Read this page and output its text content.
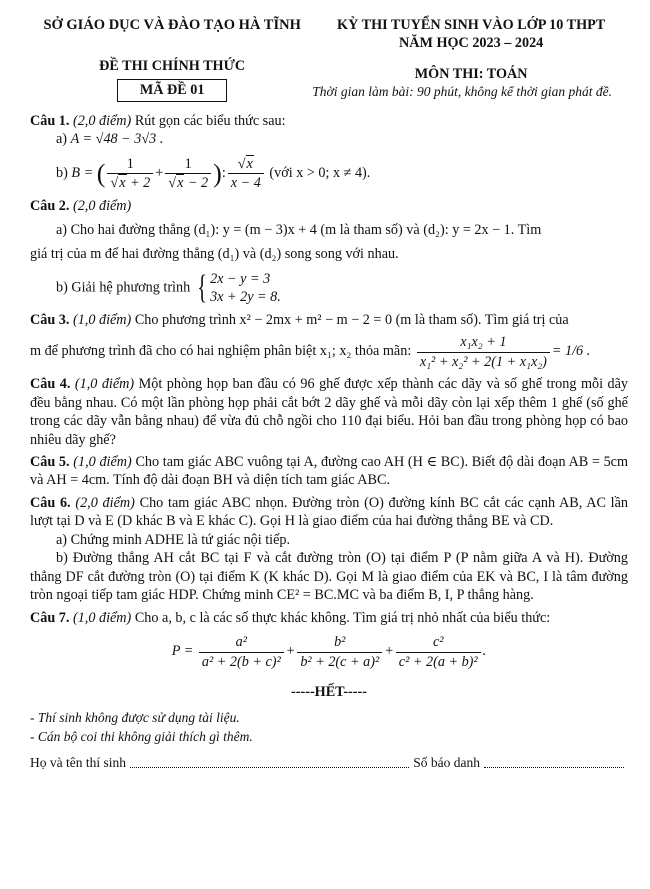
SỞ GIÁO DỤC VÀ ĐÀO TẠO HÀ TĨNH
ĐỀ THI CHÍNH THỨC
MÃ ĐỀ 01
KỲ THI TUYỂN SINH VÀO LỚP 10 THPT
NĂM HỌC 2023 – 2024
MÔN THI: TOÁN
Thời gian làm bài: 90 phút, không kể thời gian phát đề.

Câu 1. (2,0 điểm) Rút gọn các biểu thức sau:

a) A = √48 − 3√3 .

b) B = ( $\frac{1}{√x + 2} + \frac{1}{√x - 2}$ ): $\frac{√x}{x - 4}$ (với x > 0; x ≠ 4).

Câu 2. (2,0 điểm)

a) Cho hai đường thẳng (d₁): y = (m − 3)x + 4 (m là tham số) và (d₂): y = 2x − 1. Tìm

giá trị của m để hai đường thẳng (d₁) và (d₂) song song với nhau.

b) Giải hệ phương trình { 2x − y = 3
3x + 2y = 8.

Câu 3. (1,0 điểm) Cho phương trình x² − 2mx + m² − m − 2 = 0 (m là tham số). Tìm giá trị của

m để phương trình đã cho có hai nghiệm phân biệt x₁; x₂ thỏa mãn: $\frac{\text{x₁x₂ + 1}}{\text{x₁² + x₂² + 2(1 + x₁x₂)}} = 1/6$ .

Câu 4. (1,0 điểm) Một phòng họp ban đầu có 96 ghế được xếp thành các dãy và số ghế trong mỗi dãy đều bằng nhau. Có một lần phòng họp phải cắt bớt 2 dãy ghế và mỗi dãy còn lại xếp thêm 1 ghế (số ghế trong các dãy vẫn bằng nhau) để vừa đủ chỗ ngồi cho 110 đại biểu. Hỏi ban đầu trong phòng họp có bao nhiêu dãy ghế?

Câu 5. (1,0 điểm) Cho tam giác ABC vuông tại A, đường cao AH (H ∈ BC). Biết độ dài đoạn AB = 5cm và AH = 4cm. Tính độ dài đoạn BH và diện tích tam giác ABC.

Câu 6. (2,0 điểm) Cho tam giác ABC nhọn. Đường tròn (O) đường kính BC cắt các cạnh AB, AC lần lượt tại D và E (D khác B và E khác C). Gọi H là giao điểm của hai đường thẳng BE và CD.

a) Chứng minh ADHE là tứ giác nội tiếp.

b) Đường thẳng AH cắt BC tại F và cắt đường tròn (O) tại điểm P (P nằm giữa A và H). Đường thẳng DF cắt đường tròn (O) tại điểm K (K khác D). Gọi M là giao điểm của EK và BC, I là tâm đường tròn ngoại tiếp tam giác HDP. Chứng minh CE² = BC.MC và ba điểm B, I, P thẳng hàng.

Câu 7. (1,0 điểm) Cho a, b, c là các số thực khác không. Tìm giá trị nhỏ nhất của biểu thức:

$P = \frac{\text{a²}}{\text{a² + 2(b + c)²}} + \frac{\text{b²}}{\text{b² + 2(c + a)²}} + \frac{\text{c²}}{\text{c² + 2(a + b)²}}$ .

-----HẾT-----

- Thí sinh không được sử dụng tài liệu.

- Cán bộ coi thi không giải thích gì thêm.

Họ và tên thí sinh	Số báo danh
